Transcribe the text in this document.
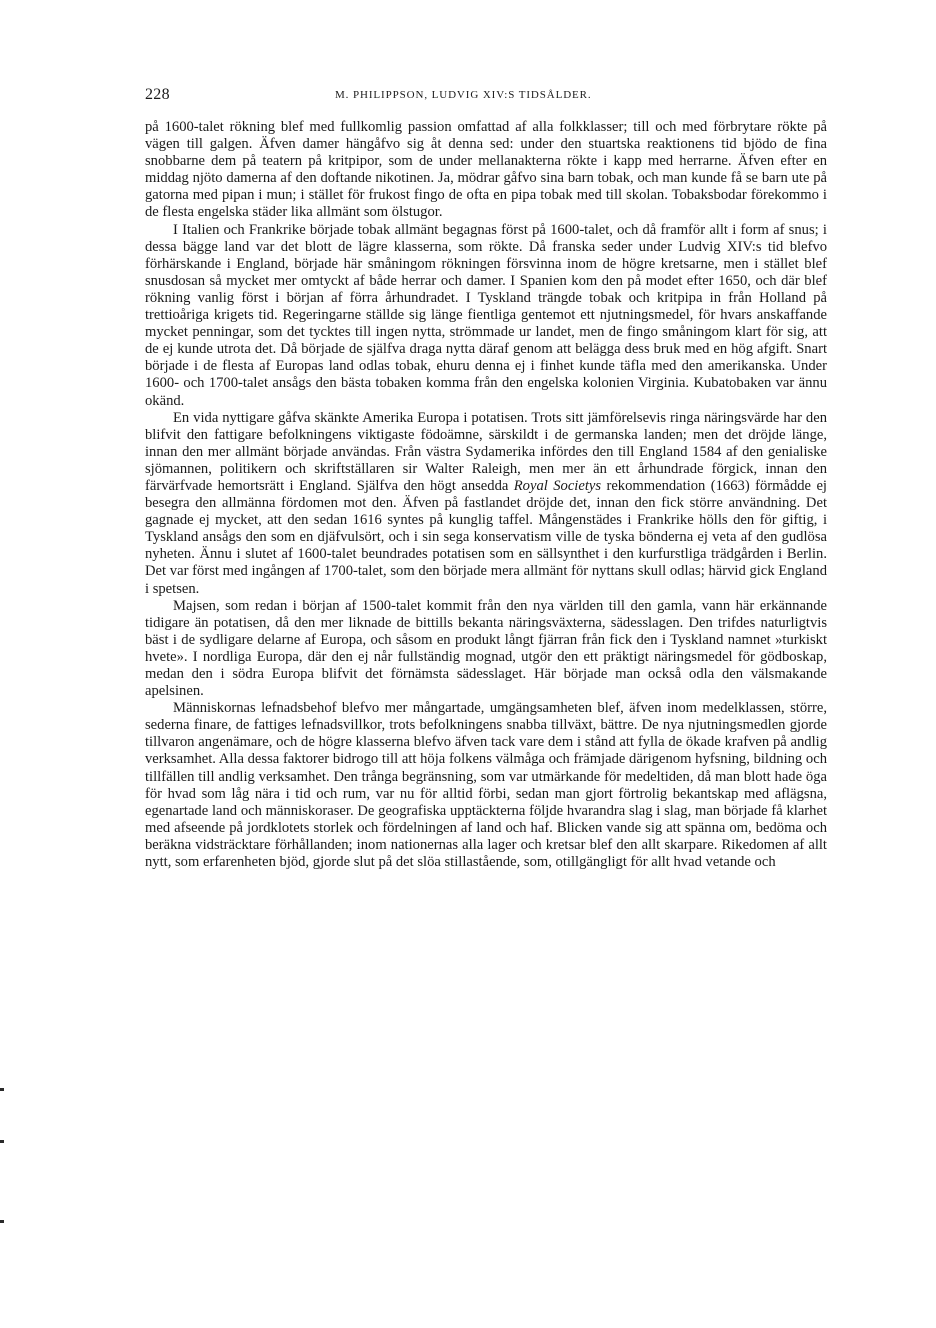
228	M. PHILIPPSON, LUDVIG XIV:S TIDSÅLDER.

på 1600-talet rökning blef med fullkomlig passion omfattad af alla folkklasser; till och med förbrytare rökte på vägen till galgen. Äfven damer hängåfvo sig åt denna sed: under den stuartska reaktionens tid bjödo de fina snobbarne dem på teatern på kritpipor, som de under mellanakterna rökte i kapp med herrarne. Äfven efter en middag njöto damerna af den doftande nikotinen. Ja, mödrar gåfvo sina barn tobak, och man kunde få se barn ute på gatorna med pipan i mun; i stället för frukost fingo de ofta en pipa tobak med till skolan. Tobaksbodar förekommo i de flesta engelska städer lika allmänt som ölstugor.

I Italien och Frankrike började tobak allmänt begagnas först på 1600-talet, och då framför allt i form af snus; i dessa bägge land var det blott de lägre klasserna, som rökte. Då franska seder under Ludvig XIV:s tid blefvo förhärskande i England, började här småningom rökningen försvinna inom de högre kretsarne, men i stället blef snusdosan så mycket mer omtyckt af både herrar och damer. I Spanien kom den på modet efter 1650, och där blef rökning vanlig först i början af förra århundradet. I Tyskland trängde tobak och kritpipa in från Holland på trettioåriga krigets tid. Regeringarne ställde sig länge fientliga gentemot ett njutningsmedel, för hvars anskaffande mycket penningar, som det tycktes till ingen nytta, strömmade ur landet, men de fingo småningom klart för sig, att de ej kunde utrota det. Då började de själfva draga nytta däraf genom att belägga dess bruk med en hög afgift. Snart började i de flesta af Europas land odlas tobak, ehuru denna ej i finhet kunde täfla med den amerikanska. Under 1600- och 1700-talet ansågs den bästa tobaken komma från den engelska kolonien Virginia. Kubatobaken var ännu okänd.

En vida nyttigare gåfva skänkte Amerika Europa i potatisen. Trots sitt jämförelsevis ringa näringsvärde har den blifvit den fattigare befolkningens viktigaste födoämne, särskildt i de germanska landen; men det dröjde länge, innan den mer allmänt började användas. Från västra Sydamerika infördes den till England 1584 af den genialiske sjömannen, politikern och skriftställaren sir Walter Raleigh, men mer än ett århundrade förgick, innan den färvärfvade hemortsrätt i England. Själfva den högt ansedda Royal Societys rekommendation (1663) förmådde ej besegra den allmänna fördomen mot den. Äfven på fastlandet dröjde det, innan den fick större användning. Det gagnade ej mycket, att den sedan 1616 syntes på kunglig taffel. Mångenstädes i Frankrike hölls den för giftig, i Tyskland ansågs den som en djäfvulsört, och i sin sega konservatism ville de tyska bönderna ej veta af den gudlösa nyheten. Ännu i slutet af 1600-talet beundrades potatisen som en sällsynthet i den kurfurstliga trädgården i Berlin. Det var först med ingången af 1700-talet, som den började mera allmänt för nyttans skull odlas; härvid gick England i spetsen.

Majsen, som redan i början af 1500-talet kommit från den nya världen till den gamla, vann här erkännande tidigare än potatisen, då den mer liknade de bittills bekanta näringsväxterna, sädesslagen. Den trifdes naturligtvis bäst i de sydligare delarne af Europa, och såsom en produkt långt fjärran från fick den i Tyskland namnet »turkiskt hvete». I nordliga Europa, där den ej når fullständig mognad, utgör den ett präktigt näringsmedel för gödboskap, medan den i södra Europa blifvit det förnämsta sädesslaget. Här började man också odla den välsmakande apelsinen.

Människornas lefnadsbehof blefvo mer mångartade, umgängsamheten blef, äfven inom medelklassen, större, sederna finare, de fattiges lefnadsvillkor, trots befolkningens snabba tillväxt, bättre. De nya njutningsmedlen gjorde tillvaron angenämare, och de högre klasserna blefvo äfven tack vare dem i stånd att fylla de ökade krafven på andlig verksamhet. Alla dessa faktorer bidrogo till att höja folkens välmåga och främjade därigenom hyfsning, bildning och tillfällen till andlig verksamhet. Den trånga begränsning, som var utmärkande för medeltiden, då man blott hade öga för hvad som låg nära i tid och rum, var nu för alltid förbi, sedan man gjort förtrolig bekantskap med aflägsna, egenartade land och människoraser. De geografiska upptäckterna följde hvarandra slag i slag, man började få klarhet med afseende på jordklotets storlek och fördelningen af land och haf. Blicken vande sig att spänna om, bedöma och beräkna vidsträcktare förhållanden; inom nationernas alla lager och kretsar blef den allt skarpare. Rikedomen af allt nytt, som erfarenheten bjöd, gjorde slut på det slöa stillastående, som, otillgängligt för allt hvad vetande och
